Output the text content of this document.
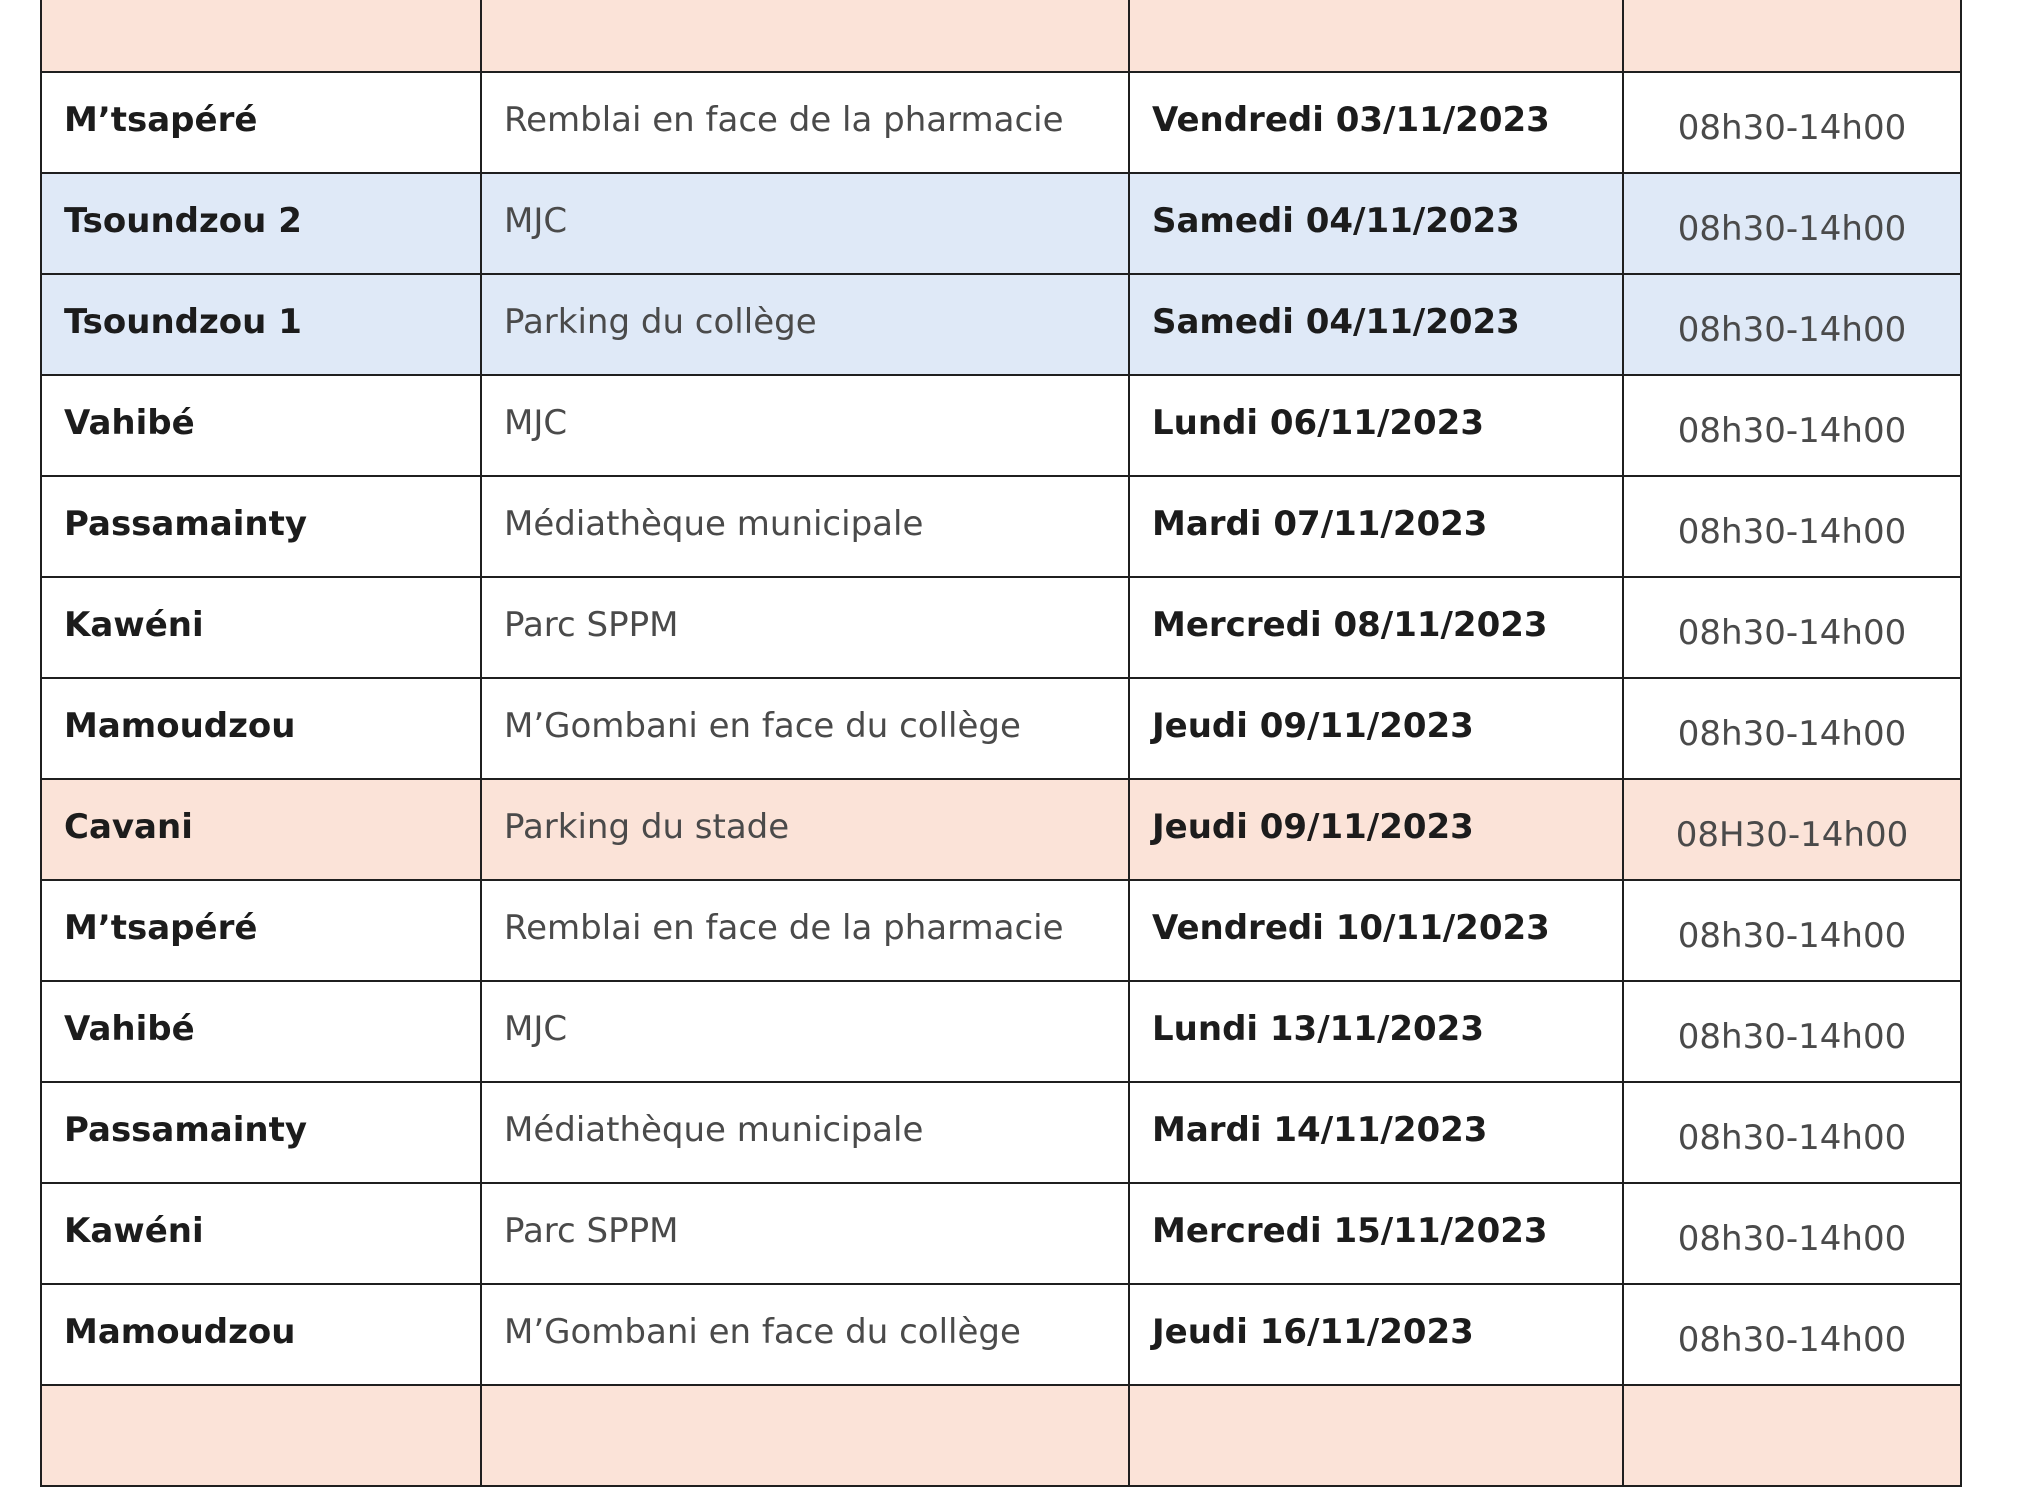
M’tsapéré	Remblai en face de la pharmacie	Vendredi 03/11/2023	08h30-14h00
Tsoundzou 2	MJC	Samedi 04/11/2023	08h30-14h00
Tsoundzou 1	Parking du collège	Samedi 04/11/2023	08h30-14h00
Vahibé	MJC	Lundi 06/11/2023	08h30-14h00
Passamainty	Médiathèque municipale	Mardi 07/11/2023	08h30-14h00
Kawéni	Parc SPPM	Mercredi 08/11/2023	08h30-14h00
Mamoudzou	M’Gombani en face du collège	Jeudi 09/11/2023	08h30-14h00
Cavani	Parking du stade	Jeudi 09/11/2023	08H30-14h00
M’tsapéré	Remblai en face de la pharmacie	Vendredi 10/11/2023	08h30-14h00
Vahibé	MJC	Lundi 13/11/2023	08h30-14h00
Passamainty	Médiathèque municipale	Mardi 14/11/2023	08h30-14h00
Kawéni	Parc SPPM	Mercredi 15/11/2023	08h30-14h00
Mamoudzou	M’Gombani en face du collège	Jeudi 16/11/2023	08h30-14h00
